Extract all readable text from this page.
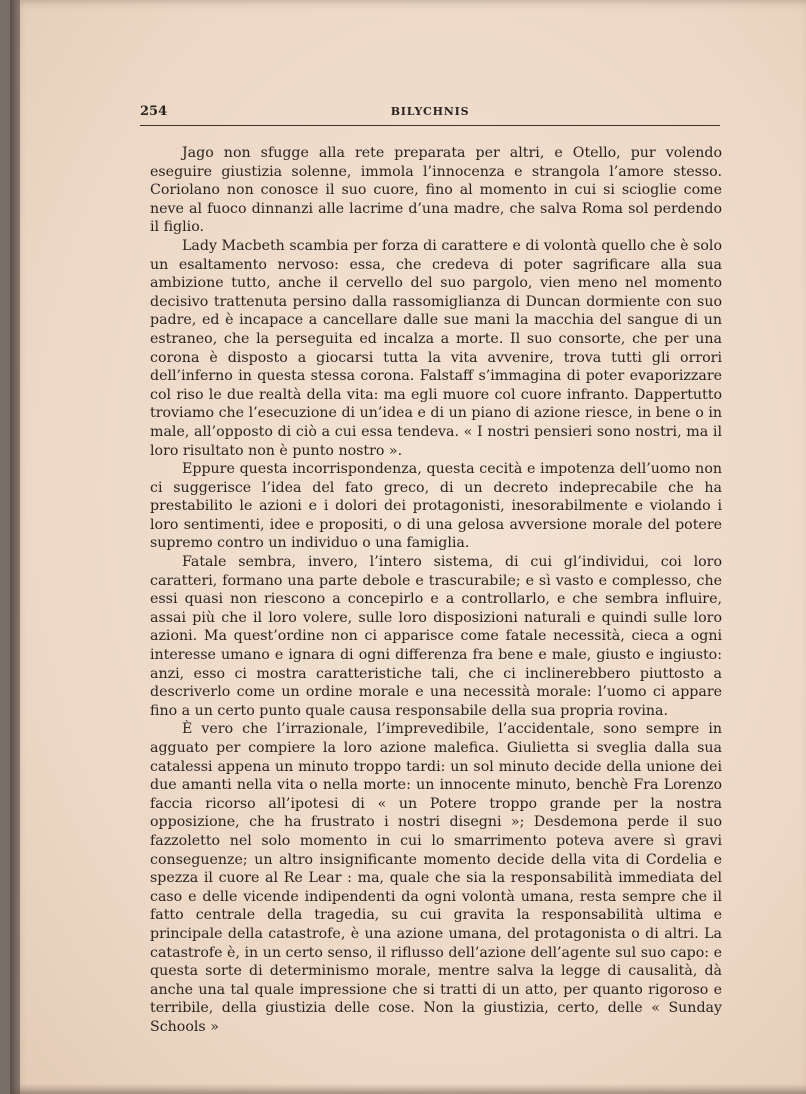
254	BILYCHNIS

Jago non sfugge alla rete preparata per altri, e Otello, pur volendo eseguire giustizia solenne, immola l’innocenza e strangola l’amore stesso. Coriolano non conosce il suo cuore, fino al momento in cui si scioglie come neve al fuoco dinnanzi alle lacrime d’una madre, che salva Roma sol perdendo il figlio.

Lady Macbeth scambia per forza di carattere e di volontà quello che è solo un esaltamento nervoso: essa, che credeva di poter sagrificare alla sua ambizione tutto, anche il cervello del suo pargolo, vien meno nel momento decisivo trattenuta persino dalla rassomiglianza di Duncan dormiente con suo padre, ed è incapace a cancellare dalle sue mani la macchia del sangue di un estraneo, che la perseguita ed incalza a morte. Il suo consorte, che per una corona è disposto a giocarsi tutta la vita avvenire, trova tutti gli orrori dell’inferno in questa stessa corona. Falstaff s’immagina di poter evaporizzare col riso le due realtà della vita: ma egli muore col cuore infranto. Dappertutto troviamo che l’esecuzione di un’idea e di un piano di azione riesce, in bene o in male, all’opposto di ciò a cui essa tendeva. « I nostri pensieri sono nostri, ma il loro risultato non è punto nostro ».

Eppure questa incorrispondenza, questa cecità e impotenza dell’uomo non ci suggerisce l’idea del fato greco, di un decreto indeprecabile che ha prestabilito le azioni e i dolori dei protagonisti, inesorabilmente e violando i loro sentimenti, idee e propositi, o di una gelosa avversione morale del potere supremo contro un individuo o una famiglia.

Fatale sembra, invero, l’intero sistema, di cui gl’individui, coi loro caratteri, formano una parte debole e trascurabile; e sì vasto e complesso, che essi quasi non riescono a concepirlo e a controllarlo, e che sembra influire, assai più che il loro volere, sulle loro disposizioni naturali e quindi sulle loro azioni. Ma quest’ordine non ci apparisce come fatale necessità, cieca a ogni interesse umano e ignara di ogni differenza fra bene e male, giusto e ingiusto: anzi, esso ci mostra caratteristiche tali, che ci inclinerebbero piuttosto a descriverlo come un ordine morale e una necessità morale: l’uomo ci appare fino a un certo punto quale causa responsabile della sua propria rovina.

È vero che l’irrazionale, l’imprevedibile, l’accidentale, sono sempre in agguato per compiere la loro azione malefica. Giulietta si sveglia dalla sua catalessi appena un minuto troppo tardi: un sol minuto decide della unione dei due amanti nella vita o nella morte: un innocente minuto, benchè Fra Lorenzo faccia ricorso all’ipotesi di « un Potere troppo grande per la nostra opposizione, che ha frustrato i nostri disegni »; Desdemona perde il suo fazzoletto nel solo momento in cui lo smarrimento poteva avere sì gravi conseguenze; un altro insignificante momento decide della vita di Cordelia e spezza il cuore al Re Lear : ma, quale che sia la responsabilità immediata del caso e delle vicende indipendenti da ogni volontà umana, resta sempre che il fatto centrale della tragedia, su cui gravita la responsabilità ultima e principale della catastrofe, è una azione umana, del protagonista o di altri. La catastrofe è, in un certo senso, il riflusso dell’azione dell’agente sul suo capo: e questa sorte di determinismo morale, mentre salva la legge di causalità, dà anche una tal quale impressione che si tratti di un atto, per quanto rigoroso e terribile, della giustizia delle cose. Non la giustizia, certo, delle « Sunday Schools »
